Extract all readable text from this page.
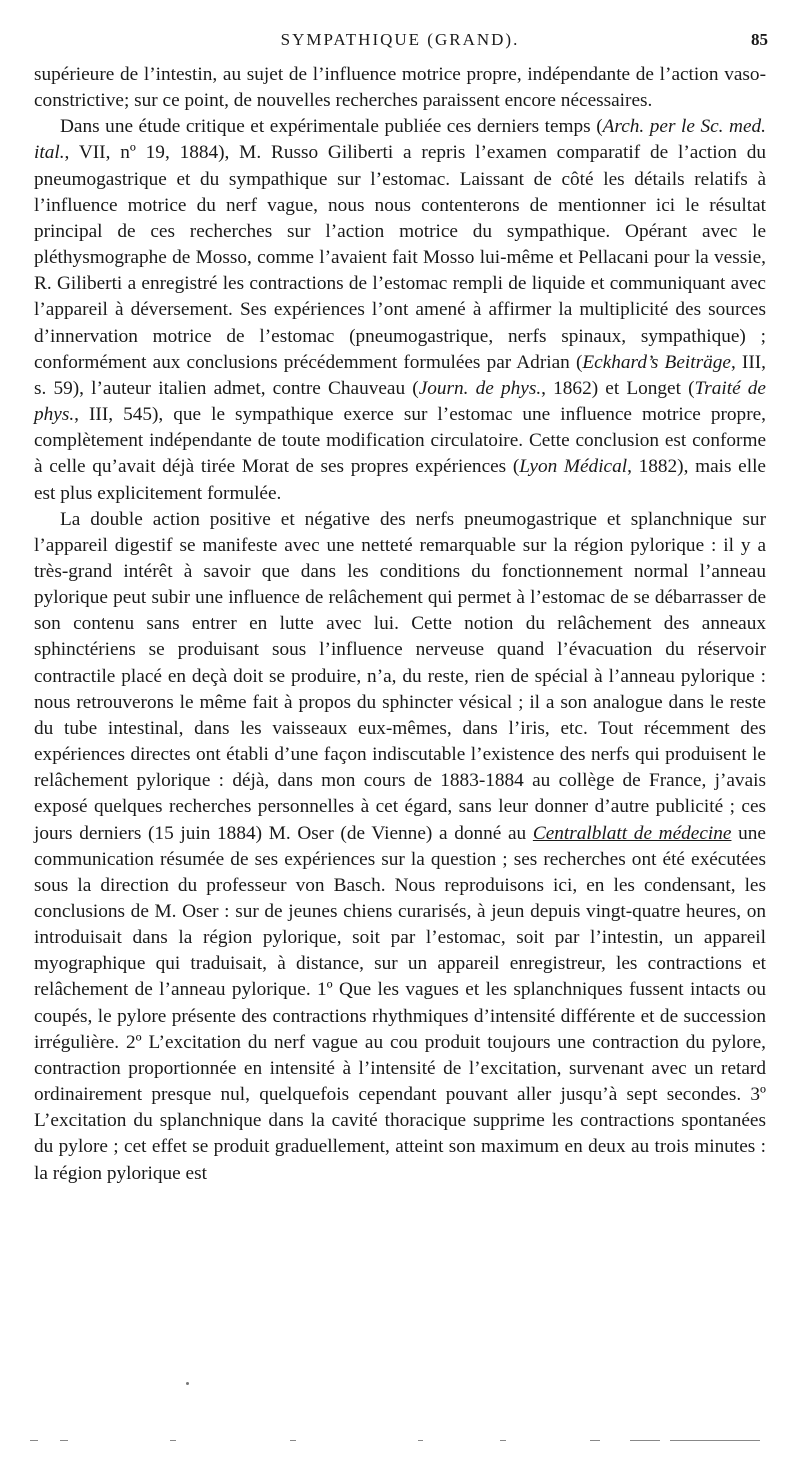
SYMPATHIQUE (GRAND).	85

supérieure de l’intestin, au sujet de l’influence motrice propre, indépendante de l’action vaso-constrictive; sur ce point, de nouvelles recherches paraissent encore nécessaires.

Dans une étude critique et expérimentale publiée ces derniers temps (Arch. per le Sc. med. ital., VII, nº 19, 1884), M. Russo Giliberti a repris l’examen comparatif de l’action du pneumogastrique et du sympathique sur l’estomac. Laissant de côté les détails relatifs à l’influence motrice du nerf vague, nous nous contenterons de mentionner ici le résultat principal de ces recherches sur l’action motrice du sympathique. Opérant avec le pléthysmographe de Mosso, comme l’avaient fait Mosso lui-même et Pellacani pour la vessie, R. Giliberti a enregistré les contractions de l’estomac rempli de liquide et communiquant avec l’appareil à déversement. Ses expériences l’ont amené à affirmer la multiplicité des sources d’innervation motrice de l’estomac (pneumogastrique, nerfs spinaux, sympathique) ; conformément aux conclusions précédemment formulées par Adrian (Eckhard’s Beiträge, III, s. 59), l’auteur italien admet, contre Chauveau (Journ. de phys., 1862) et Longet (Traité de phys., III, 545), que le sympathique exerce sur l’estomac une influence motrice propre, complètement indépendante de toute modification circulatoire. Cette conclusion est conforme à celle qu’avait déjà tirée Morat de ses propres expériences (Lyon Médical, 1882), mais elle est plus explicitement formulée.

La double action positive et négative des nerfs pneumogastrique et splanchnique sur l’appareil digestif se manifeste avec une netteté remarquable sur la région pylorique : il y a très-grand intérêt à savoir que dans les conditions du fonctionnement normal l’anneau pylorique peut subir une influence de relâchement qui permet à l’estomac de se débarrasser de son contenu sans entrer en lutte avec lui. Cette notion du relâchement des anneaux sphinctériens se produisant sous l’influence nerveuse quand l’évacuation du réservoir contractile placé en deçà doit se produire, n’a, du reste, rien de spécial à l’anneau pylorique : nous retrouverons le même fait à propos du sphincter vésical ; il a son analogue dans le reste du tube intestinal, dans les vaisseaux eux-mêmes, dans l’iris, etc. Tout récemment des expériences directes ont établi d’une façon indiscutable l’existence des nerfs qui produisent le relâchement pylorique : déjà, dans mon cours de 1883-1884 au collège de France, j’avais exposé quelques recherches personnelles à cet égard, sans leur donner d’autre publicité ; ces jours derniers (15 juin 1884) M. Oser (de Vienne) a donné au Centralblatt de médecine une communication résumée de ses expériences sur la question ; ses recherches ont été exécutées sous la direction du professeur von Basch. Nous reproduisons ici, en les condensant, les conclusions de M. Oser : sur de jeunes chiens curarisés, à jeun depuis vingt-quatre heures, on introduisait dans la région pylorique, soit par l’estomac, soit par l’intestin, un appareil myographique qui traduisait, à distance, sur un appareil enregistreur, les contractions et relâchement de l’anneau pylorique. 1º Que les vagues et les splanchniques fussent intacts ou coupés, le pylore présente des contractions rhythmiques d’intensité différente et de succession irrégulière. 2º L’excitation du nerf vague au cou produit toujours une contraction du pylore, contraction proportionnée en intensité à l’intensité de l’excitation, survenant avec un retard ordinairement presque nul, quelquefois cependant pouvant aller jusqu’à sept secondes. 3º L’excitation du splanchnique dans la cavité thoracique supprime les contractions spontanées du pylore ; cet effet se produit graduellement, atteint son maximum en deux au trois minutes : la région pylorique est
